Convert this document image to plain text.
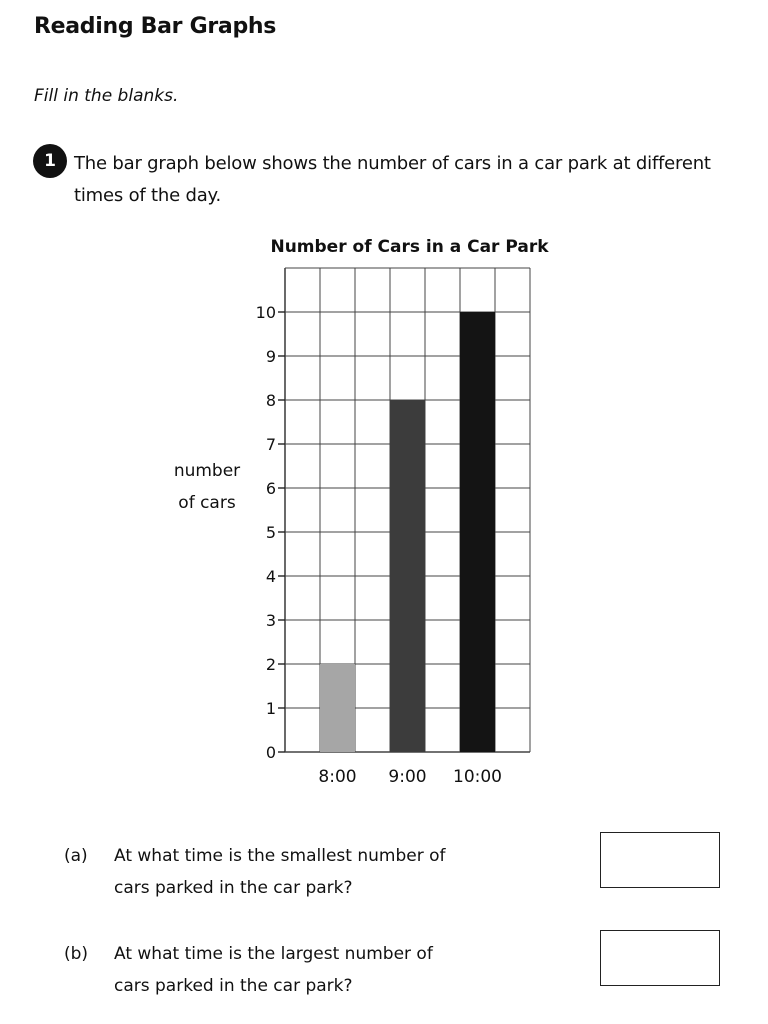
Reading Bar Graphs
Fill in the blanks.
1	The bar graph below shows the number of cars in a car park at different times of the day.
Number of Cars in a Car Park
0
1
2
3
4
5
6
7
8
9
10
number
of cars
8:00 9:00 10:00
(a) At what time is the smallest number of
cars parked in the car park?
(b) At what time is the largest number of
cars parked in the car park?
